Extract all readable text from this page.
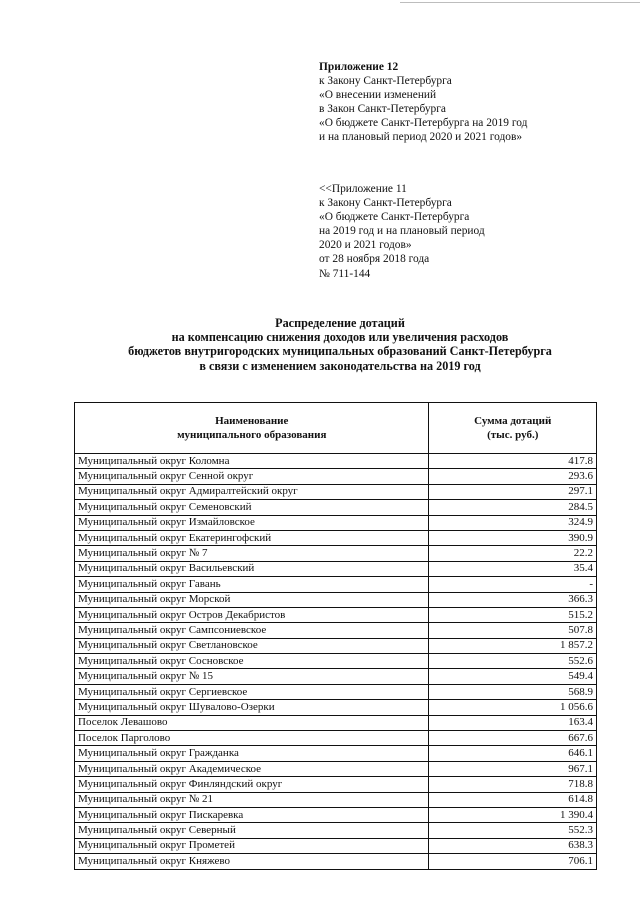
Приложение 12
к Закону Санкт-Петербурга
«О внесении изменений
в Закон Санкт-Петербурга
«О бюджете Санкт-Петербурга на 2019 год
и на плановый период 2020 и 2021 годов»
<<Приложение 11
к Закону Санкт-Петербурга
«О бюджете Санкт-Петербурга
на 2019 год и на плановый период
2020 и 2021 годов»
от 28 ноября 2018 года
№ 711-144
Распределение дотаций
на компенсацию снижения доходов или увеличения расходов
бюджетов внутригородских муниципальных образований Санкт-Петербурга
в связи с изменением законодательства на 2019 год
Наименование
муниципального образования	Сумма дотаций
(тыс. руб.)

Муниципальный округ Коломна	417.8
Муниципальный округ Сенной округ	293.6
Муниципальный округ Адмиралтейский округ	297.1
Муниципальный округ Семеновский	284.5
Муниципальный округ Измайловское	324.9
Муниципальный округ Екатерингофский	390.9
Муниципальный округ № 7	22.2
Муниципальный округ Васильевский	35.4
Муниципальный округ Гавань	-
Муниципальный округ Морской	366.3
Муниципальный округ Остров Декабристов	515.2
Муниципальный округ Сампсониевское	507.8
Муниципальный округ Светлановское	1 857.2
Муниципальный округ Сосновское	552.6
Муниципальный округ № 15	549.4
Муниципальный округ Сергиевское	568.9
Муниципальный округ Шувалово-Озерки	1 056.6
Поселок Левашово	163.4
Поселок Парголово	667.6
Муниципальный округ Гражданка	646.1
Муниципальный округ Академическое	967.1
Муниципальный округ Финляндский округ	718.8
Муниципальный округ № 21	614.8
Муниципальный округ Пискаревка	1 390.4
Муниципальный округ Северный	552.3
Муниципальный округ Прометей	638.3
Муниципальный округ Княжево	706.1
